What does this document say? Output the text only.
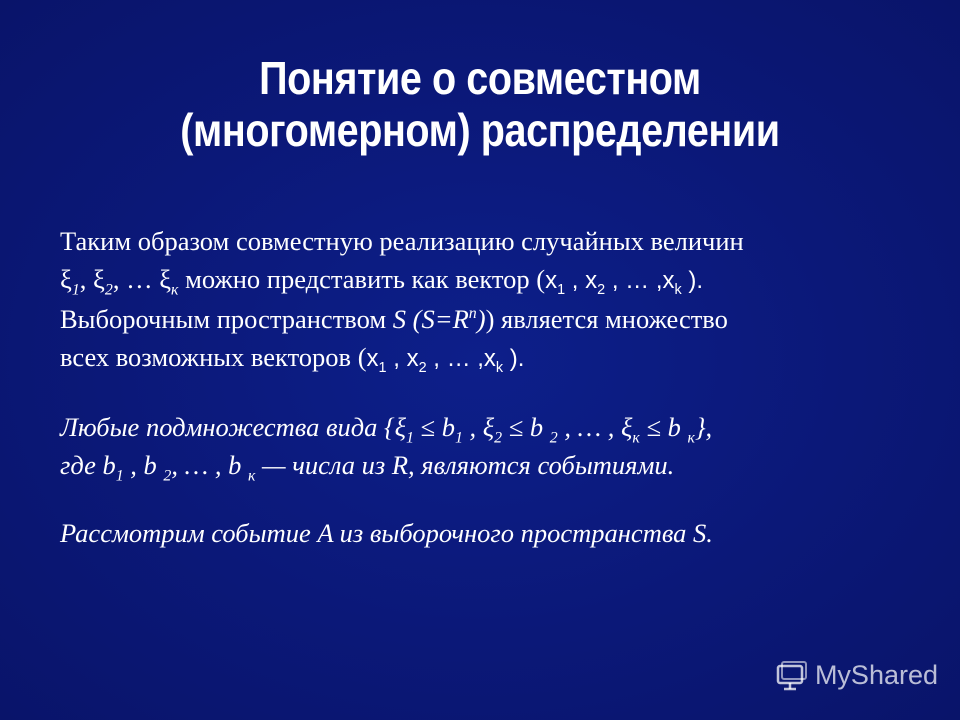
Понятие о совместном
(многомерном) распределении
Таким образом совместную реализацию случайных величин
$\xi_1$, $\xi_2$, … $\xi_к$ можно представить как вектор ($x_1$ , $x_2$ , … $,x_k$ ).
Выборочным пространством S $(S=R^n)$) является множество
всех возможных векторов ($x_1$ , $x_2$ , … $,x_k$ ).
Любые подмножества вида {$\xi_1 \le b_1$ , $\xi_2 \le b$ $_2$ , … , $\xi_к \le b$ $_к$},
где $b_1$ , b $_2$, … , b $_к$ — числа из R, являются событиями.
Рассмотрим событие A из выборочного пространства S.
MyShared
